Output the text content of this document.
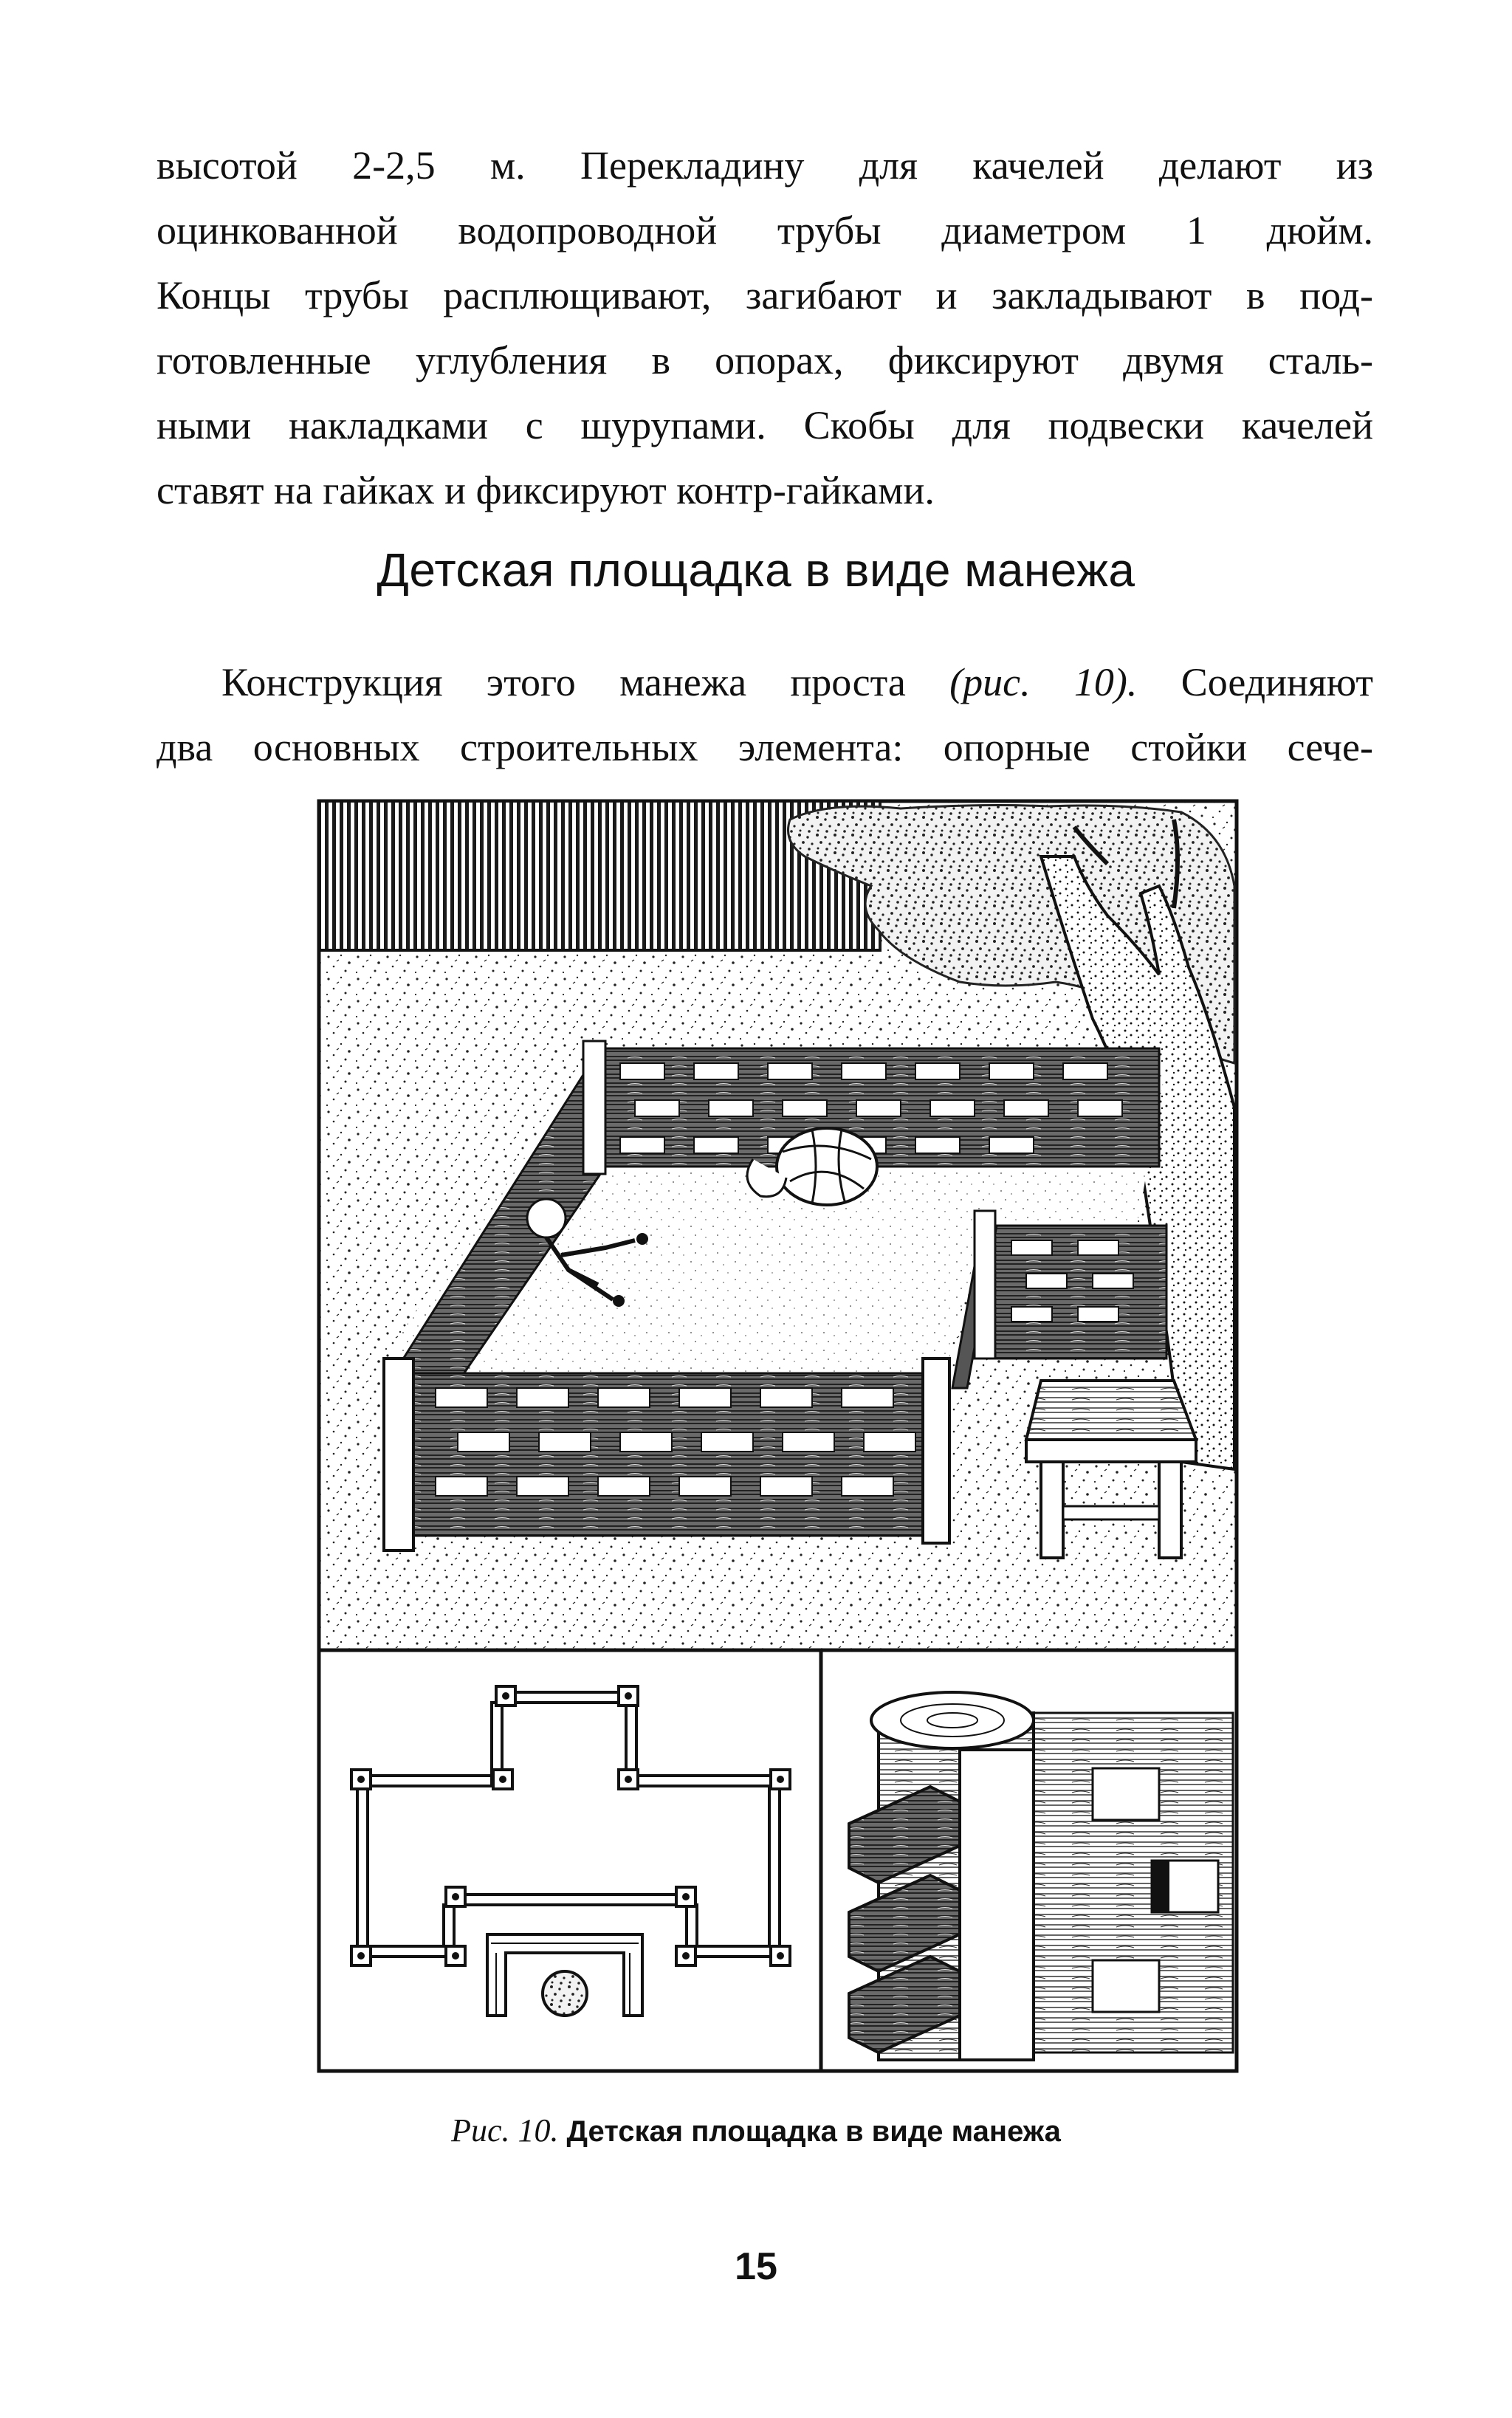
высотой 2-2,5 м. Перекладину для качелей делают из
оцинкованной водопроводной трубы диаметром 1 дюйм.
Концы трубы расплющивают, загибают и закладывают в под-
готовленные углубления в опорах, фиксируют двумя сталь-
ными накладками с шурупами. Скобы для подвески качелей
ставят на гайках и фиксируют контр-гайками.
Детская площадка в виде манежа
Конструкция этого манежа проста (рис. 10). Соединяют
два основных строительных элемента: опорные стойки сече-
Рис. 10. Детская площадка в виде манежа
15
